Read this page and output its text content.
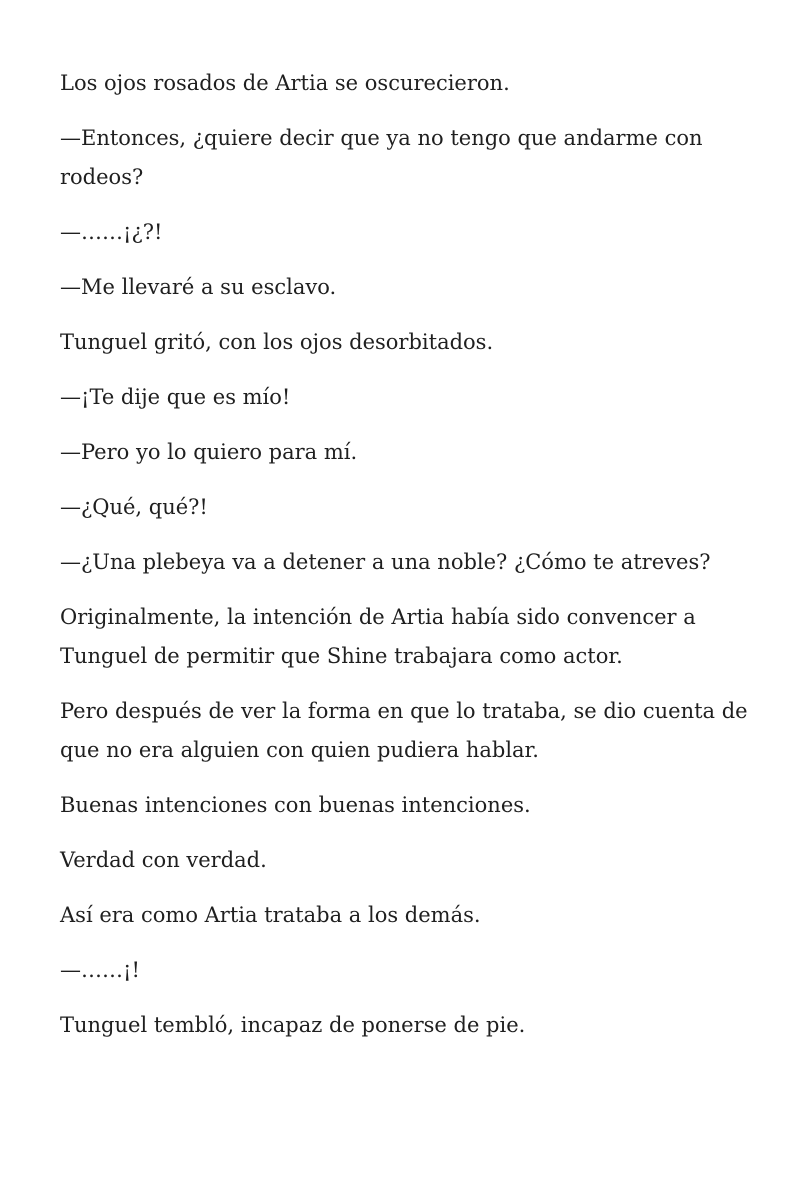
Los ojos rosados de Artia se oscurecieron.

—Entonces, ¿quiere decir que ya no tengo que andarme con rodeos?

—……¡¿?!

—Me llevaré a su esclavo.

Tunguel gritó, con los ojos desorbitados.

—¡Te dije que es mío!

—Pero yo lo quiero para mí.

—¿Qué, qué?!

—¿Una plebeya va a detener a una noble? ¿Cómo te atreves?

Originalmente, la intención de Artia había sido convencer a Tunguel de permitir que Shine trabajara como actor.

Pero después de ver la forma en que lo trataba, se dio cuenta de que no era alguien con quien pudiera hablar.

Buenas intenciones con buenas intenciones.

Verdad con verdad.

Así era como Artia trataba a los demás.

—……¡!

Tunguel tembló, incapaz de ponerse de pie.
